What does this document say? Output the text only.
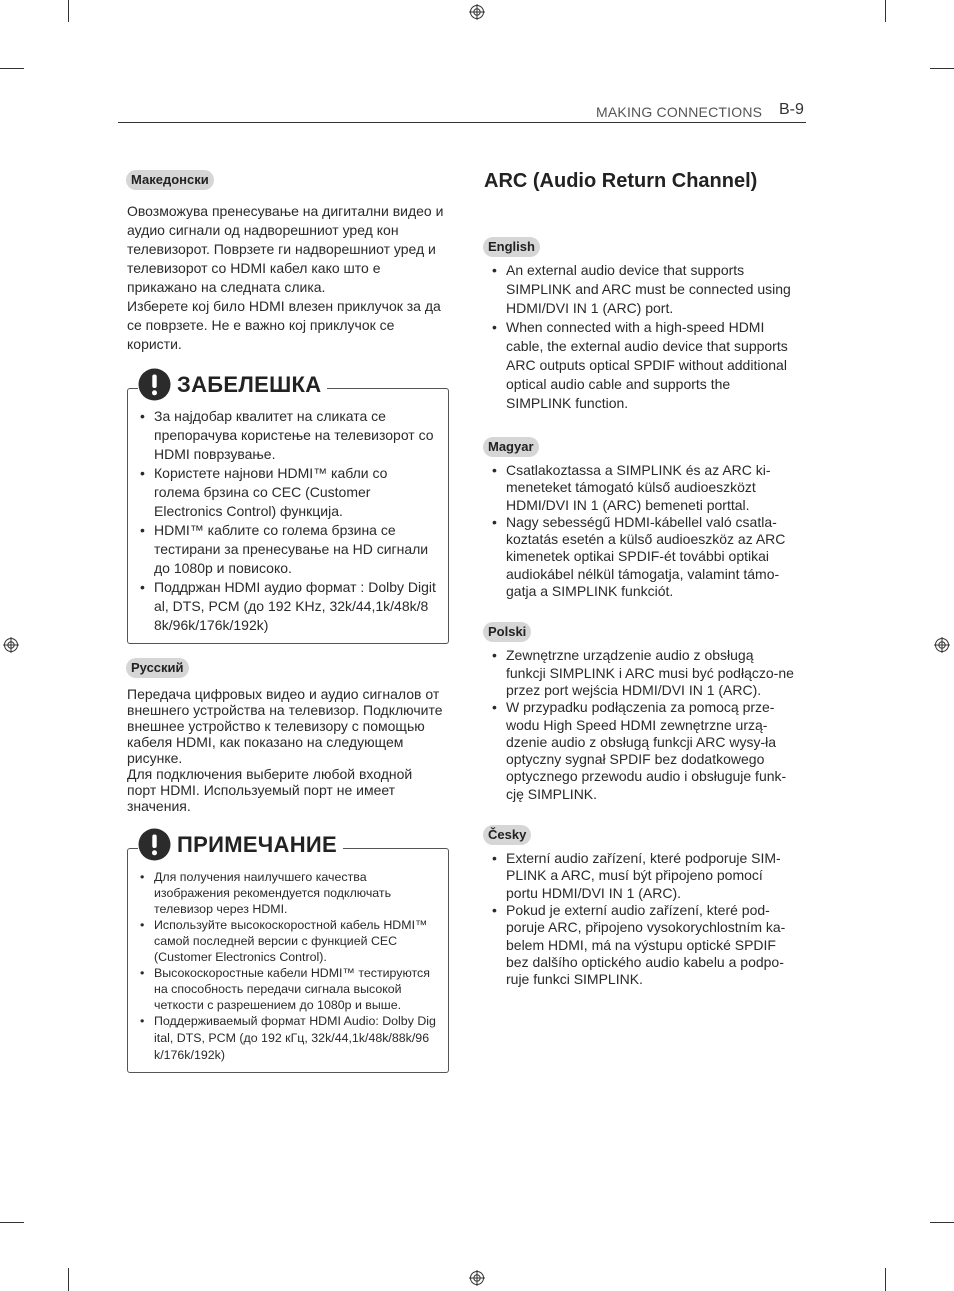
MAKING CONNECTIONS B-9
Македонски

Овозможува пренесување на дигитални видео и аудио сигнали од надворешниот уред кон телевизорот. Поврзете ги надворешниот уред и телевизорот со HDMI кабел како што е прикажано на следната слика.

Изберете кој било HDMI влезен приклучок за да се поврзете. Не е важно кој приклучок се користи.

ЗАБЕЛЕШКА
• За најдобар квалитет на сликата се препорачува користење на телевизорот со HDMI поврзување.
• Користете најнови HDMI™ кабли со голема брзина со CEC (Customer Electronics Control) функција.
• HDMI™ каблите со голема брзина се тестирани за пренесување на HD сигнали до 1080p и повисоко.
• Поддржан HDMI аудио формат : Dolby Digital, DTS, PCM (до 192 KHz, 32k/44,1k/48k/88k/96k/176k/192k)
Русский

Передача цифровых видео и аудио сигналов от внешнего устройства на телевизор. Подключите внешнее устройство к телевизору с помощью кабеля HDMI, как показано на следующем рисунке.

Для подключения выберите любой входной порт HDMI. Используемый порт не имеет значения.

ПРИМЕЧАНИЕ
• Для получения наилучшего качества изображения рекомендуется подключать телевизор через HDMI.
• Используйте высокоскоростной кабель HDMI™ самой последней версии с функцией CEC (Customer Electronics Control).
• Высокоскоростные кабели HDMI™ тестируются на способность передачи сигнала высокой четкости с разрешением до 1080p и выше.
• Поддерживаемый формат HDMI Audio: Dolby Digital, DTS, PCM (до 192 кГц, 32k/44,1k/48k/88k/96k/176k/192k)
ARC (Audio Return Channel)
English
• An external audio device that supports SIMPLINK and ARC must be connected using HDMI/DVI IN 1 (ARC) port.
• When connected with a high-speed HDMI cable, the external audio device that supports ARC outputs optical SPDIF without additional optical audio cable and supports the SIMPLINK function.
Magyar
• Csatlakoztassa a SIMPLINK és az ARC ki-meneteket támogató külső audioeszközt HDMI/DVI IN 1 (ARC) bemeneti porttal.
• Nagy sebességű HDMI-kábellel való csatla-koztatás esetén a külső audioeszköz az ARC kimenetek optikai SPDIF-ét további optikai audiokábel nélkül támogatja, valamint támo-gatja a SIMPLINK funkciót.
Polski
• Zewnętrzne urządzenie audio z obsługą funkcji SIMPLINK i ARC musi być podłączo-ne przez port wejścia HDMI/DVI IN 1 (ARC).
• W przypadku podłączenia za pomocą prze-wodu High Speed HDMI zewnętrzne urzą-dzenie audio z obsługą funkcji ARC wysy-ła optyczny sygnał SPDIF bez dodatkowego optycznego przewodu audio i obsługuje funk-cję SIMPLINK.
Česky
• Externí audio zařízení, které podporuje SIM-PLINK a ARC, musí být připojeno pomocí portu HDMI/DVI IN 1 (ARC).
• Pokud je externí audio zařízení, které pod-poruje ARC, připojeno vysokorychlostním ka-belem HDMI, má na výstupu optické SPDIF bez dalšího optického audio kabelu a podpo-ruje funkci SIMPLINK.
